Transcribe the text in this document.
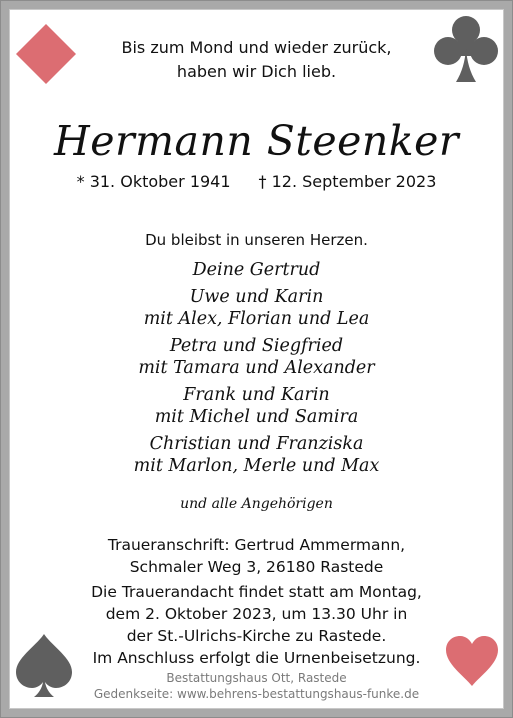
Bis zum Mond und wieder zurück,
haben wir Dich lieb.
Hermann Steenker
* 31. Oktober 1941 † 12. September 2023
Du bleibst in unseren Herzen.
Deine Gertrud
Uwe und Karin
mit Alex, Florian und Lea
Petra und Siegfried
mit Tamara und Alexander
Frank und Karin
mit Michel und Samira
Christian und Franziska
mit Marlon, Merle und Max
und alle Angehörigen
Traueranschrift: Gertrud Ammermann,
Schmaler Weg 3, 26180 Rastede
Die Trauerandacht findet statt am Montag,
dem 2. Oktober 2023, um 13.30 Uhr in
der St.-Ulrichs-Kirche zu Rastede.
Im Anschluss erfolgt die Urnenbeisetzung.
Bestattungshaus Ott, Rastede
Gedenkseite: www.behrens-bestattungshaus-funke.de
